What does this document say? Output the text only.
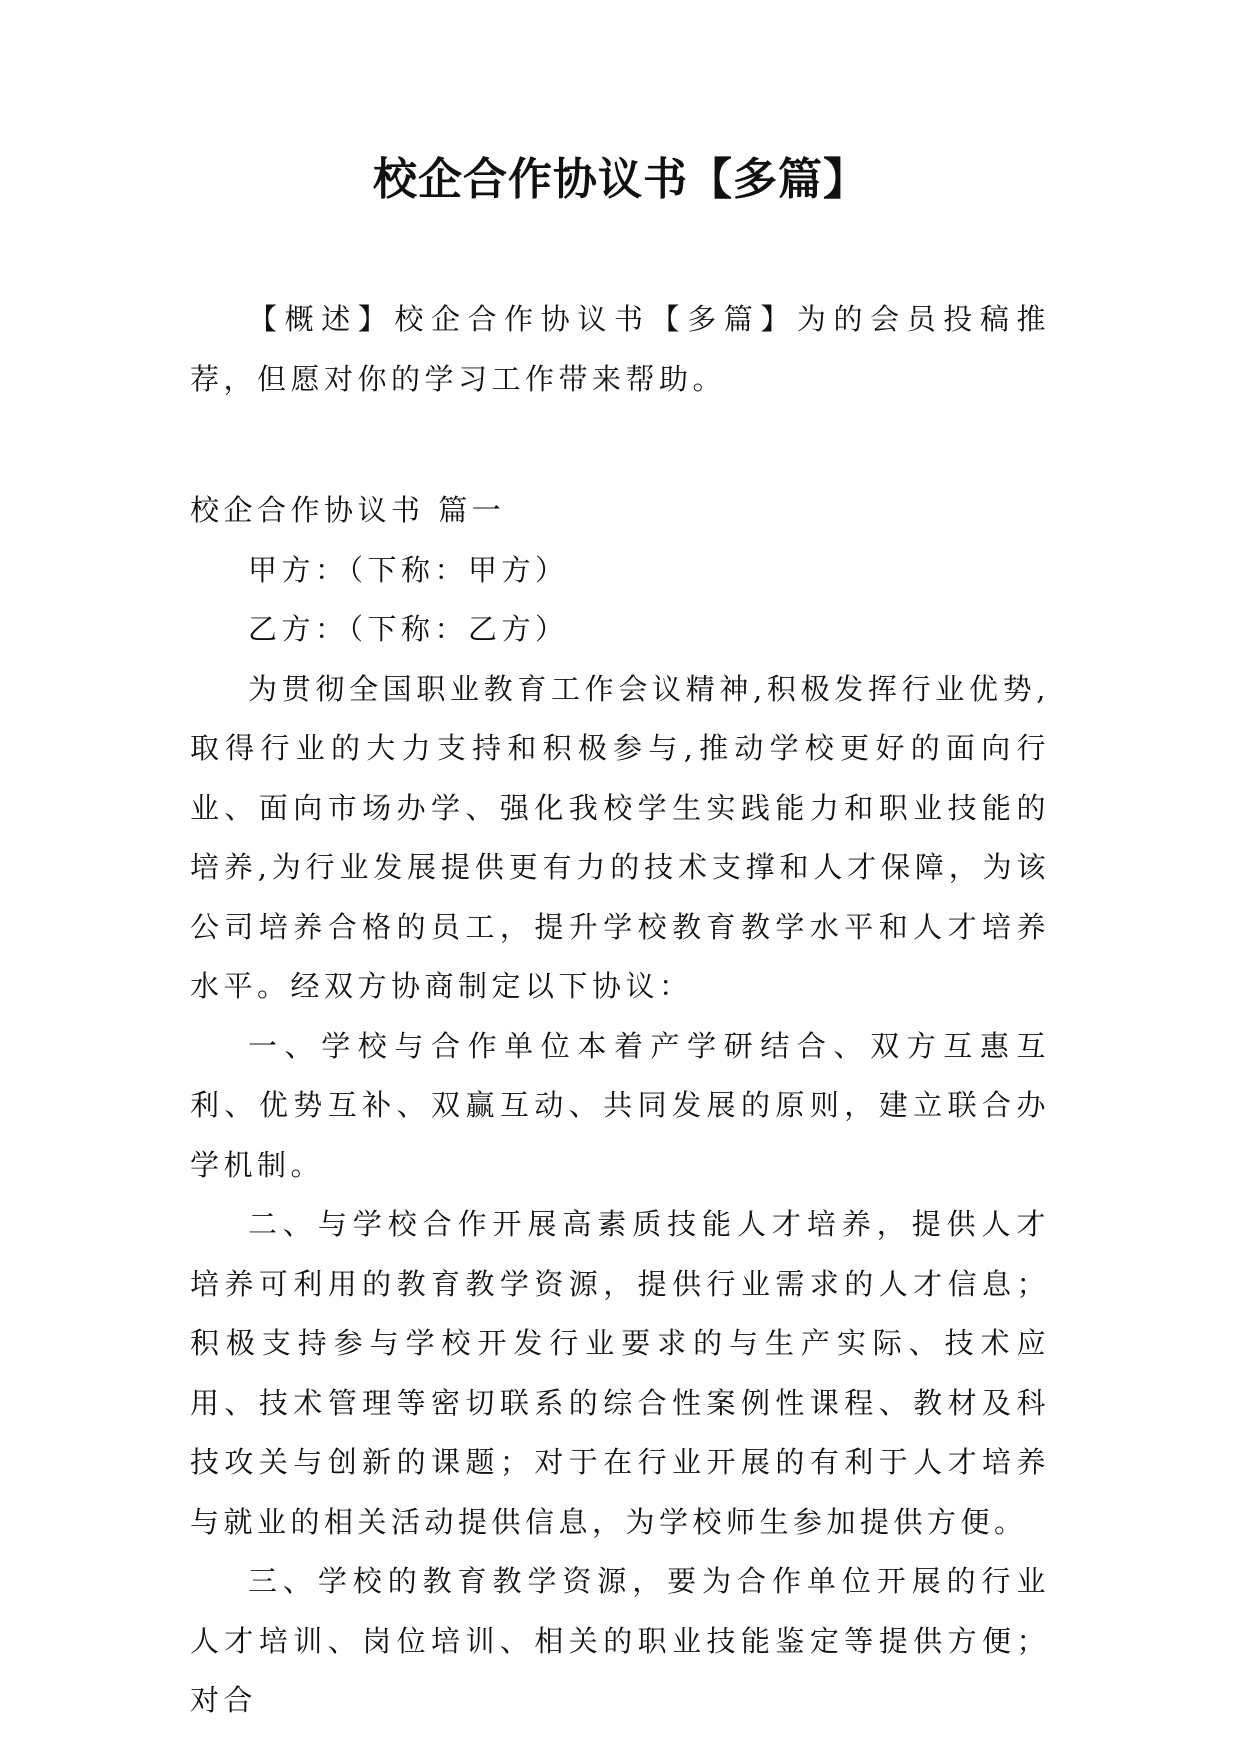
校企合作协议书【多篇】

【概述】校企合作协议书【多篇】为的会员投稿推荐，但愿对你的学习工作带来帮助。

校企合作协议书 篇一

甲方：（下称：甲方）

乙方：（下称：乙方）

为贯彻全国职业教育工作会议精神,积极发挥行业优势,取得行业的大力支持和积极参与,推动学校更好的面向行业、面向市场办学、强化我校学生实践能力和职业技能的培养,为行业发展提供更有力的技术支撑和人才保障，为该公司培养合格的员工，提升学校教育教学水平和人才培养水平。经双方协商制定以下协议：

一、学校与合作单位本着产学研结合、双方互惠互利、优势互补、双赢互动、共同发展的原则，建立联合办学机制。

二、与学校合作开展高素质技能人才培养，提供人才培养可利用的教育教学资源，提供行业需求的人才信息；积极支持参与学校开发行业要求的与生产实际、技术应用、技术管理等密切联系的综合性案例性课程、教材及科技攻关与创新的课题；对于在行业开展的有利于人才培养与就业的相关活动提供信息，为学校师生参加提供方便。

三、学校的教育教学资源，要为合作单位开展的行业人才培训、岗位培训、相关的职业技能鉴定等提供方便；对合
